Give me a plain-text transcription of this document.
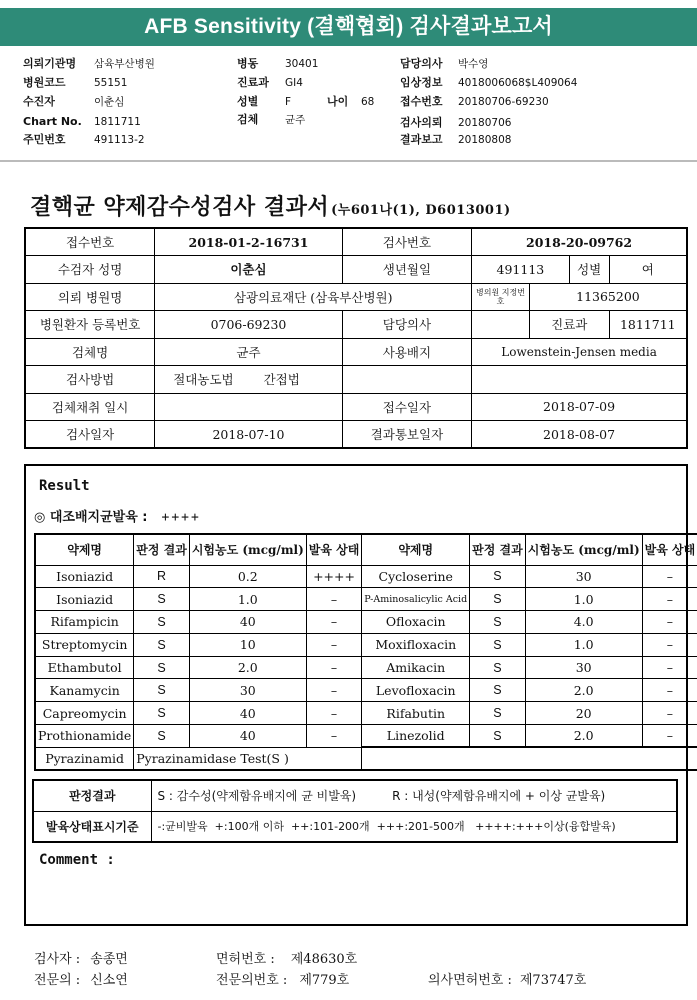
AFB Sensitivity (결핵협회) 검사결과보고서
의뢰기관명 삼육부산병원
병원코드	55151
수진자	이춘심
Chart No. 1811711
주민번호	491113-2
병동	30401
진료과 GI4
성별	F	나이 68
검체	균주
담당의사 박수영
임상정보 4018006068$L409064
접수번호 20180706-69230
검사의뢰 20180706
결과보고 20180808
결핵균 약제감수성검사 결과서 (누601나(1), D6013001)
접수번호	2018-01-2-16731	검사번호	2018-20-09762			
수검자 성명	이춘심	생년월일	491113		성별	여
의뢰 병원명	삼광의료재단 (삼육부산병원)		병의원 지정번호	11365200		
병원환자 등록번호	0706-69230	담당의사		진료과		1811711
검체명	균주	사용배지	Lowenstein-Jensen media			
검사방법	절대농도법 간접법					
검체채취 일시		접수일자	2018-07-09			
검사일자	2018-07-10	결과통보일자	2018-08-07			
Result
◎ 대조배지균발육 : ++++
약제명	판정 결과	시험농도 (mcg/ml)	발육 상태	약제명	판정 결과	시험농도 (mcg/ml)	발육 상태
Isoniazid	R	0.2	++++	Cycloserine	S	30	–
Isoniazid	S	1.0	–	P-Aminosalicylic Acid	S	1.0	–
Rifampicin	S	40	–	Ofloxacin	S	4.0	–
Streptomycin	S	10	–	Moxifloxacin	S	1.0	–
Ethambutol	S	2.0	–	Amikacin	S	30	–
Kanamycin	S	30	–	Levofloxacin	S	2.0	–
Capreomycin	S	40	–	Rifabutin	S	20	–
Prothionamide	S	40	–	Linezolid	S	2.0	–
Pyrazinamid	Pyrazinamidase Test(S )						
판정결과	S : 감수성(약제함유배지에 균 비발육) R : 내성(약제함유배지에 + 이상 균발육)
발육상태표시기준	-:균비발육  +:100개 이하  ++:101-200개  +++:201-500개   ++++:+++이상(융합발육)
Comment :
검사자 : 송종면	면허번호 : 제48630호
전문의 : 신소연	전문의번호 : 제779호	의사면허번호 : 제73747호
